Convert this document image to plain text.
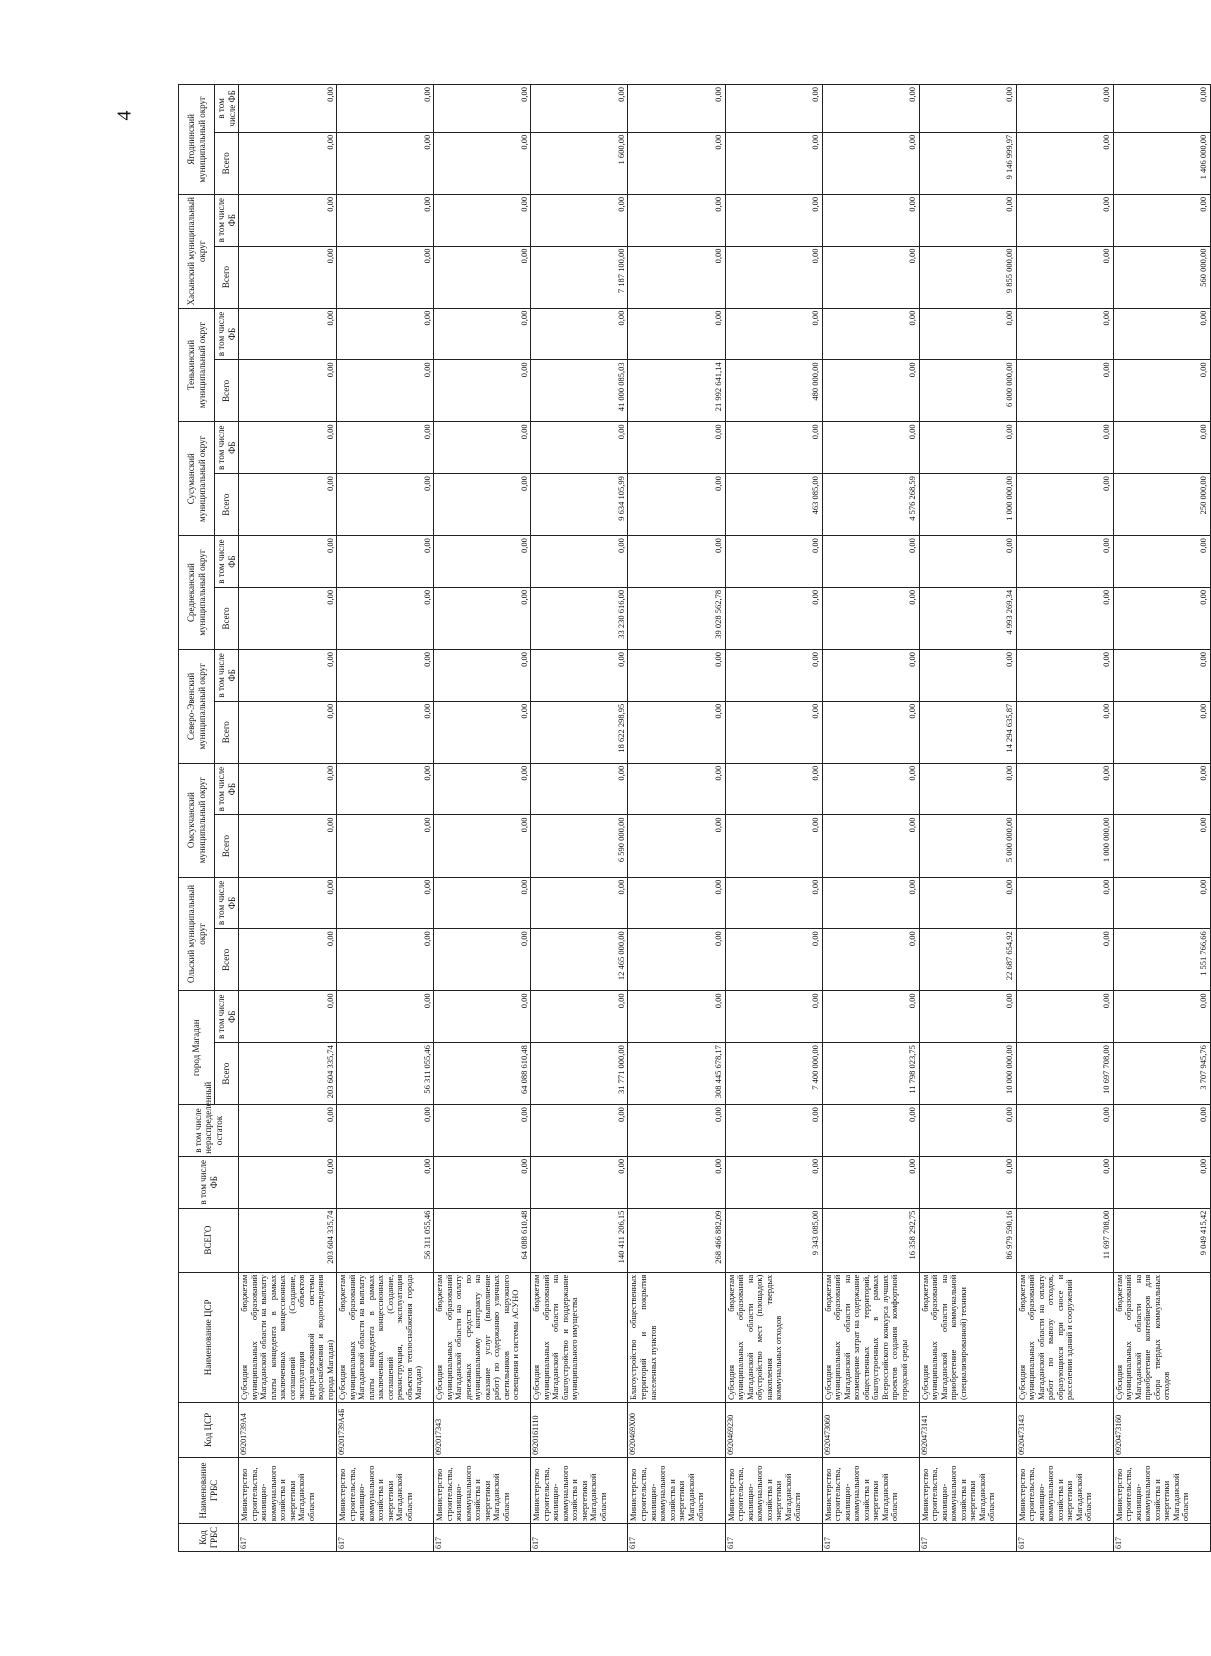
4
Код ГРБС	Наименование ГРБС	Код ЦСР	Наименование ЦСР	ВСЕГО	в том числе ФБ	в том числе нераспределенный остаток	город Магадан		Ольский муниципальный округ		Омсукчанский муниципальный округ		Северо-Эвенский муниципальный округ		Среднеканский муниципальный округ		Сусуманский муниципальный округ		Тенькинский муниципальный округ		Хасынский муниципальный округ		Ягоднинский муниципальный округ	
							Всего	в том числе ФБ	Всего	в том числе ФБ	Всего	в том числе ФБ	Всего	в том числе ФБ	Всего	в том числе ФБ	Всего	в том числе ФБ	Всего	в том числе ФБ	Всего	в том числе ФБ	Всего	в том числе ФБ
617	Министерство строительства, жилищно-коммунального хозяйства и энергетики Магаданской области	09201739А4	Субсидия бюджетам муниципальных образований Магаданской области на выплату платы концедента в рамках заключенных концессионных соглашений (Создание, эксплуатация объектов централизованной системы водоснабжения и водоотведения города Магадан)	203 604 335,74	0,00	0,00	203 604 335,74	0,00	0,00	0,00	0,00	0,00	0,00	0,00	0,00	0,00	0,00	0,00	0,00	0,00	0,00	0,00	0,00	0,00
617	Министерство строительства, жилищно-коммунального хозяйства и энергетики Магаданской области	09201739А4Б	Субсидия бюджетам муниципальных образований Магаданской области на выплату платы концедента в рамках заключенных концессионных соглашений (Создание, реконструкция, эксплуатация объектов теплоснабжения города Магадан)	56 311 055,46	0,00	0,00	56 311 055,46	0,00	0,00	0,00	0,00	0,00	0,00	0,00	0,00	0,00	0,00	0,00	0,00	0,00	0,00	0,00	0,00	0,00
617	Министерство строительства, жилищно-коммунального хозяйства и энергетики Магаданской области	092017343	Субсидия бюджетам муниципальных образований Магаданской области на оплату денежных средств по муниципальному контракту на оказание услуг (выполнение работ) по содержанию уличных светильников наружного освещения и системы АСУНО	64 088 610,48	0,00	0,00	64 088 610,48	0,00	0,00	0,00	0,00	0,00	0,00	0,00	0,00	0,00	0,00	0,00	0,00	0,00	0,00	0,00	0,00	0,00
617	Министерство строительства, жилищно-коммунального хозяйства и энергетики Магаданской области	0920161110	Субсидия бюджетам муниципальных образований Магаданской области на благоустройство и поддержание муниципального имущества	140 411 206,15	0,00	0,00	31 771 000,00	0,00	12 465 000,00	0,00	6 590 000,00	0,00	18 622 298,95	0,00	33 230 616,00	0,00	9 634 105,99	0,00	41 000 085,03	0,00	7 187 100,00	0,00	1 600,00	0,00
617	Министерство строительства, жилищно-коммунального хозяйства и энергетики Магаданской области	0920469Х00	Благоустройство общественных территорий и покрытия населенных пунктов	268 466 882,09	0,00	0,00	308 445 678,17	0,00	0,00	0,00	0,00	0,00	0,00	0,00	39 028 562,78	0,00	0,00	0,00	21 992 641,14	0,00	0,00	0,00	0,00	0,00
617	Министерство строительства, жилищно-коммунального хозяйства и энергетики Магаданской области	0920469230	Субсидия бюджетам муниципальных образований Магаданской области на обустройство мест (площадок) накопления твердых коммунальных отходов	9 343 085,00	0,00	0,00	7 400 000,00	0,00	0,00	0,00	0,00	0,00	0,00	0,00	0,00	0,00	463 085,00	0,00	480 000,00	0,00	0,00	0,00	0,00	0,00
617	Министерство строительства, жилищно-коммунального хозяйства и энергетики Магаданской области	0920473060	Субсидия бюджетам муниципальных образований Магаданской области на возмещение затрат на содержание общественных территорий, благоустроенных в рамках Всероссийского конкурса лучших проектов создания комфортной городской среды	16 358 292,75	0,00	0,00	11 798 023,75	0,00	0,00	0,00	0,00	0,00	0,00	0,00	0,00	0,00	4 576 268,59	0,00	0,00	0,00	0,00	0,00	0,00	0,00
617	Министерство строительства, жилищно-коммунального хозяйства и энергетики Магаданской области	0920473141	Субсидия бюджетам муниципальных образований Магаданской области на приобретение коммунальной (специализированной) техники	86 979 590,16	0,00	0,00	10 000 000,00	0,00	22 687 654,92	0,00	5 000 000,00	0,00	14 294 635,87	0,00	4 993 269,34	0,00	1 000 000,00	0,00	6 000 000,00	0,00	9 855 000,00	0,00	9 146 999,97	0,00
617	Министерство строительства, жилищно-коммунального хозяйства и энергетики Магаданской области	0920473143	Субсидия бюджетам муниципальных образований Магаданской области на оплату работ по вывозу отходов, образующихся при сносе и расселении зданий и сооружений	11 697 708,00	0,00	0,00	10 697 708,00	0,00	0,00	0,00	1 000 000,00	0,00	0,00	0,00	0,00	0,00	0,00	0,00	0,00	0,00	0,00	0,00	0,00	0,00
617	Министерство строительства, жилищно-коммунального хозяйства и энергетики Магаданской области	0920473160	Субсидия бюджетам муниципальных образований Магаданской области на приобретение контейнеров для сбора твердых коммунальных отходов	9 049 415,42	0,00	0,00	3 707 945,76	0,00	1 551 766,66	0,00	0,00	0,00	0,00	0,00	0,00	0,00	250 000,00	0,00	0,00	0,00	560 000,00	0,00	1 406 000,00	0,00
